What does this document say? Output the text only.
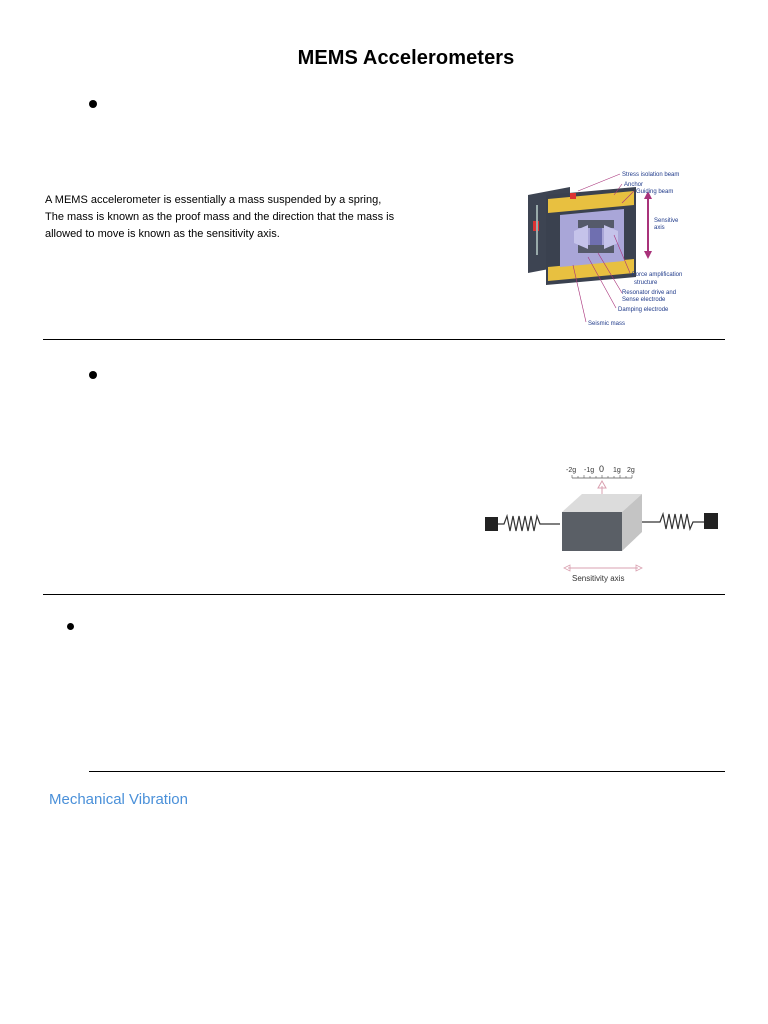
MEMS Accelerometers
A MEMS accelerometer is essentially a mass suspended by a spring,
The mass is known as the proof mass and the direction that the mass is
allowed to move is known as the sensitivity axis.
Stress isolation beam
Anchor
Guiding beam
Sensitive
axis
Force amplification
structure
Resonator drive and
Sense electrode
Damping electrode
Seismic mass
-2g -1g 0 1g 2g
Sensitivity axis
Mechanical Vibration
